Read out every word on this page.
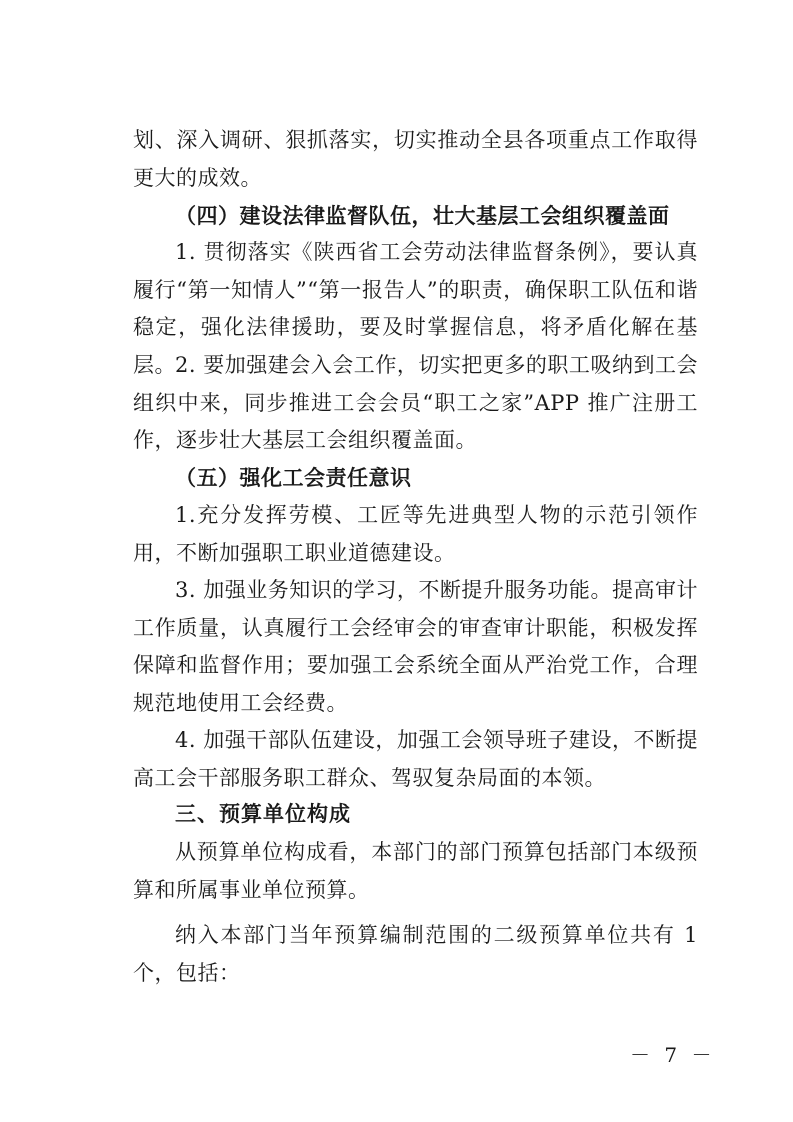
划、深入调研、狠抓落实，切实推动全县各项重点工作取得更大的成效。

（四）建设法律监督队伍，壮大基层工会组织覆盖面

1. 贯彻落实《陕西省工会劳动法律监督条例》，要认真履行“第一知情人”“第一报告人”的职责，确保职工队伍和谐稳定，强化法律援助，要及时掌握信息，将矛盾化解在基层。 2. 要加强建会入会工作，切实把更多的职工吸纳到工会组织中来，同步推进工会会员“职工之家”APP 推广注册工作，逐步壮大基层工会组织覆盖面。

（五）强化工会责任意识

1.充分发挥劳模、工匠等先进典型人物的示范引领作用，不断加强职工职业道德建设。

3. 加强业务知识的学习，不断提升服务功能。提高审计工作质量，认真履行工会经审会的审查审计职能，积极发挥保障和监督作用；要加强工会系统全面从严治党工作，合理规范地使用工会经费。

4. 加强干部队伍建设，加强工会领导班子建设，不断提高工会干部服务职工群众、驾驭复杂局面的本领。

三、预算单位构成

从预算单位构成看，本部门的部门预算包括部门本级预算和所属事业单位预算。

纳入本部门当年预算编制范围的二级预算单位共有 1 个，包括：

－ 7 －
